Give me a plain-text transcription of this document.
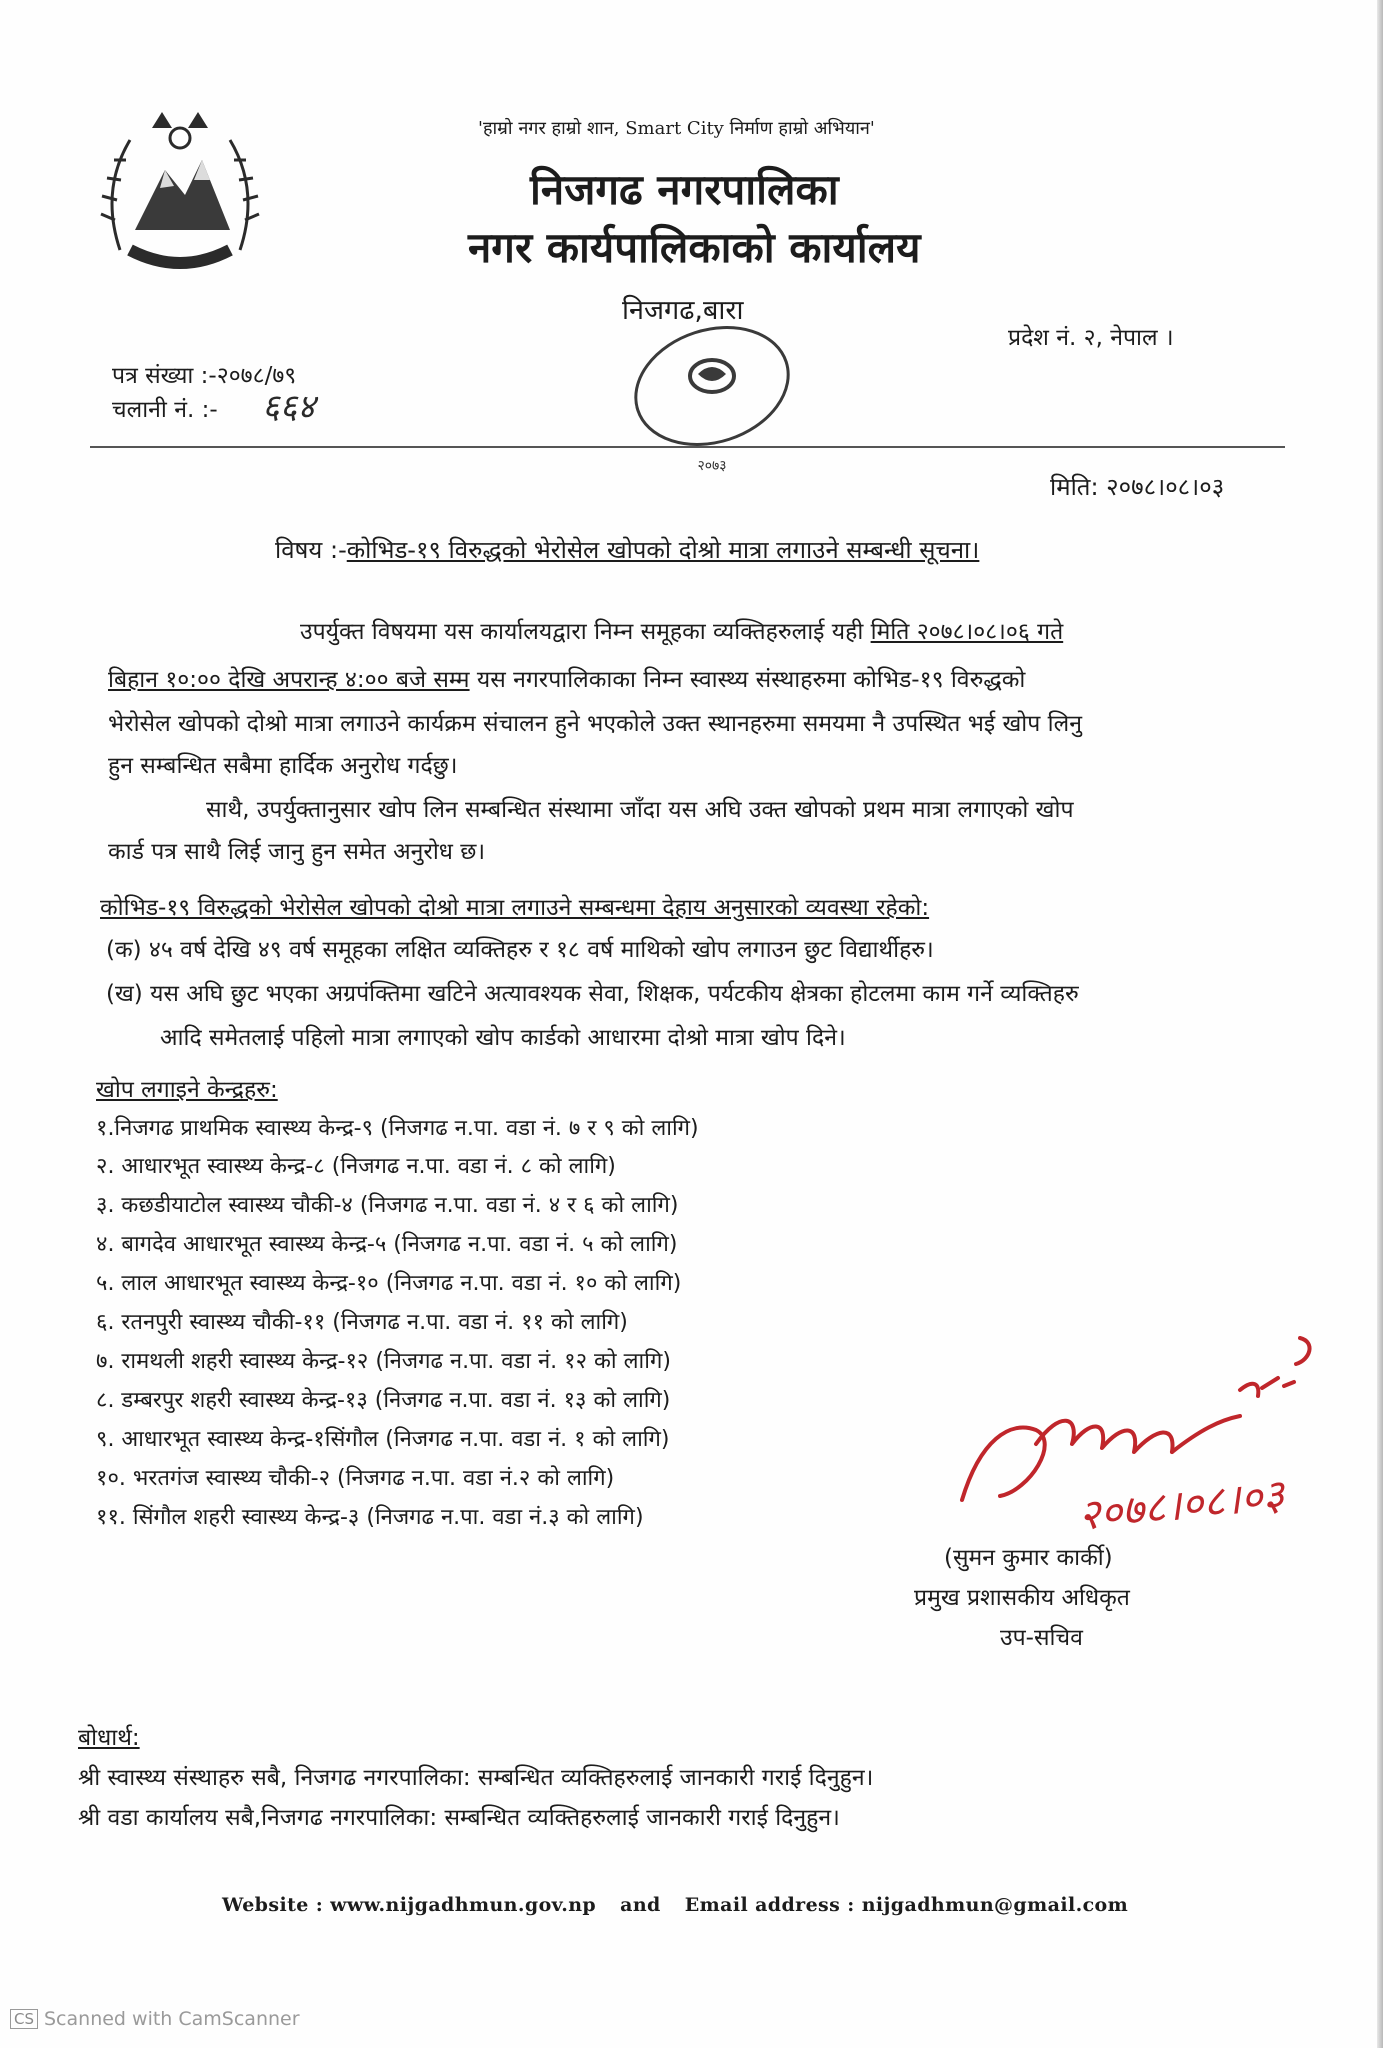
'हाम्रो नगर हाम्रो शान, Smart City निर्माण हाम्रो अभियान'
निजगढ नगरपालिका
नगर कार्यपालिकाको कार्यालय
निजगढ,बारा
प्रदेश नं. २, नेपाल ।
पत्र संख्या :-२०७८/७९
चलानी नं. :- ६६४
२०७३
मिति: २०७८।०८।०३
विषय :-कोभिड-१९ विरुद्धको भेरोसेल खोपको दोश्रो मात्रा लगाउने सम्बन्धी सूचना।
उपर्युक्त विषयमा यस कार्यालयद्वारा निम्न समूहका व्यक्तिहरुलाई यही मिति २०७८।०८।०६ गते
बिहान १०:०० देखि अपरान्ह ४:०० बजे सम्म यस नगरपालिकाका निम्न स्वास्थ्य संस्थाहरुमा कोभिड-१९ विरुद्धको
भेरोसेल खोपको दोश्रो मात्रा लगाउने कार्यक्रम संचालन हुने भएकोले उक्त स्थानहरुमा समयमा नै उपस्थित भई खोप लिनु
हुन सम्बन्धित सबैमा हार्दिक अनुरोध गर्दछु।
साथै, उपर्युक्तानुसार खोप लिन सम्बन्धित संस्थामा जाँदा यस अघि उक्त खोपको प्रथम मात्रा लगाएको खोप
कार्ड पत्र साथै लिई जानु हुन समेत अनुरोध छ।
कोभिड-१९ विरुद्धको भेरोसेल खोपको दोश्रो मात्रा लगाउने सम्बन्धमा देहाय अनुसारको व्यवस्था रहेको:
(क) ४५ वर्ष देखि ४९ वर्ष समूहका लक्षित व्यक्तिहरु र १८ वर्ष माथिको खोप लगाउन छुट विद्यार्थीहरु।
(ख) यस अघि छुट भएका अग्रपंक्तिमा खटिने अत्यावश्यक सेवा, शिक्षक, पर्यटकीय क्षेत्रका होटलमा काम गर्ने व्यक्तिहरु
आदि समेतलाई पहिलो मात्रा लगाएको खोप कार्डको आधारमा दोश्रो मात्रा खोप दिने।
खोप लगाइने केन्द्रहरु:
१.निजगढ प्राथमिक स्वास्थ्य केन्द्र-९ (निजगढ न.पा. वडा नं. ७ र ९ को लागि)
२. आधारभूत स्वास्थ्य केन्द्र-८ (निजगढ न.पा. वडा नं. ८ को लागि)
३. कछडीयाटोल स्वास्थ्य चौकी-४ (निजगढ न.पा. वडा नं. ४ र ६ को लागि)
४. बागदेव आधारभूत स्वास्थ्य केन्द्र-५ (निजगढ न.पा. वडा नं. ५ को लागि)
५. लाल आधारभूत स्वास्थ्य केन्द्र-१० (निजगढ न.पा. वडा नं. १० को लागि)
६. रतनपुरी स्वास्थ्य चौकी-११ (निजगढ न.पा. वडा नं. ११ को लागि)
७. रामथली शहरी स्वास्थ्य केन्द्र-१२ (निजगढ न.पा. वडा नं. १२ को लागि)
८. डम्बरपुर शहरी स्वास्थ्य केन्द्र-१३ (निजगढ न.पा. वडा नं. १३ को लागि)
९. आधारभूत स्वास्थ्य केन्द्र-१सिंगौल (निजगढ न.पा. वडा नं. १ को लागि)
१०. भरतगंज स्वास्थ्य चौकी-२ (निजगढ न.पा. वडा नं.२ को लागि)
११. सिंगौल शहरी स्वास्थ्य केन्द्र-३ (निजगढ न.पा. वडा नं.३ को लागि)	२०७८।०८।०३
(सुमन कुमार कार्की)
प्रमुख प्रशासकीय अधिकृत
उप-सचिव
बोधार्थ:
श्री स्वास्थ्य संस्थाहरु सबै, निजगढ नगरपालिका: सम्बन्धित व्यक्तिहरुलाई जानकारी गराई दिनुहुन।
श्री वडा कार्यालय सबै,निजगढ नगरपालिका: सम्बन्धित व्यक्तिहरुलाई जानकारी गराई दिनुहुन।
Website : www.nijgadhmun.gov.np and Email address : nijgadhmun@gmail.com
CS Scanned with CamScanner
